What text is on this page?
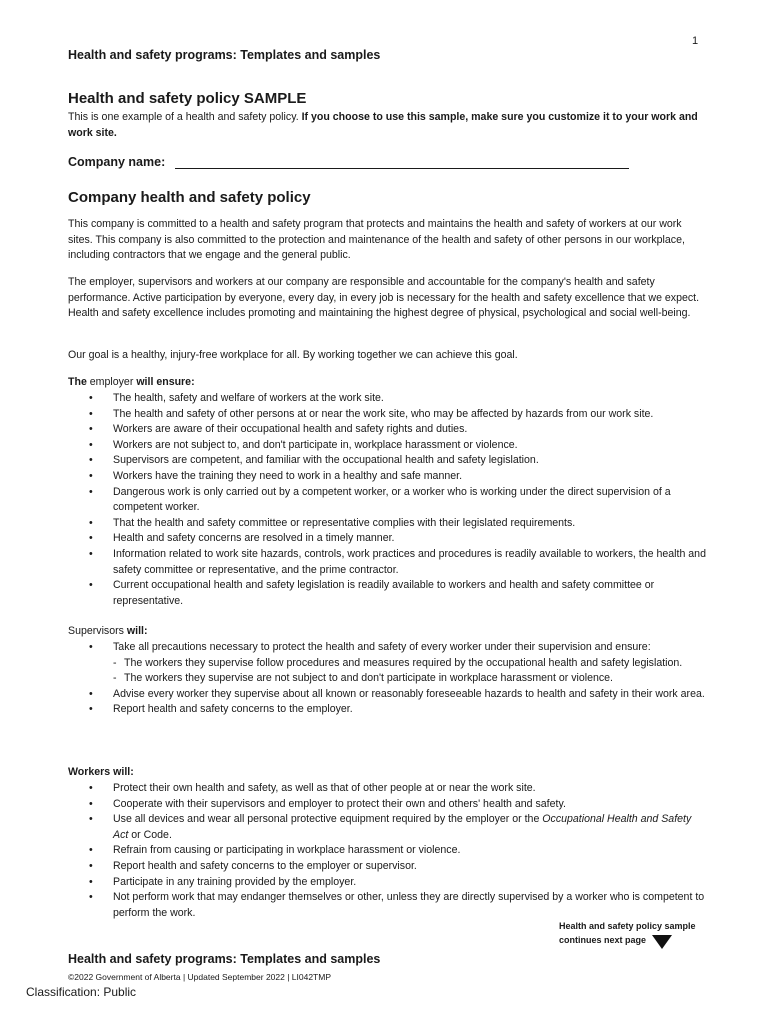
1
Health and safety programs: Templates and samples
Health and safety policy SAMPLE
This is one example of a health and safety policy. If you choose to use this sample, make sure you customize it to your work and work site.
Company name:
Company health and safety policy

This company is committed to a health and safety program that protects and maintains the health and safety of workers at our work sites. This company is also committed to the protection and maintenance of the health and safety of other persons in our workplace, including contractors that we engage and the general public.

The employer, supervisors and workers at our company are responsible and accountable for the company's health and safety performance. Active participation by everyone, every day, in every job is necessary for the health and safety excellence that we expect. Health and safety excellence includes promoting and maintaining the highest degree of physical, psychological and social well-being.

Our goal is a healthy, injury-free workplace for all. By working together we can achieve this goal.

The employer will ensure:
• The health, safety and welfare of workers at the work site.
• The health and safety of other persons at or near the work site, who may be affected by hazards from our work site.
• Workers are aware of their occupational health and safety rights and duties.
• Workers are not subject to, and don't participate in, workplace harassment or violence.
• Supervisors are competent, and familiar with the occupational health and safety legislation.
• Workers have the training they need to work in a healthy and safe manner.
• Dangerous work is only carried out by a competent worker, or a worker who is working under the direct supervision of a competent worker.
• That the health and safety committee or representative complies with their legislated requirements.
• Health and safety concerns are resolved in a timely manner.
• Information related to work site hazards, controls, work practices and procedures is readily available to workers, the health and safety committee or representative, and the prime contractor.
• Current occupational health and safety legislation is readily available to workers and health and safety committee or representative.
Supervisors will:
• Take all precautions necessary to protect the health and safety of every worker under their supervision and ensure:
- The workers they supervise follow procedures and measures required by the occupational health and safety legislation.
- The workers they supervise are not subject to and don't participate in workplace harassment or violence.
• Advise every worker they supervise about all known or reasonably foreseeable hazards to health and safety in their work area.
• Report health and safety concerns to the employer.
Workers will:
• Protect their own health and safety, as well as that of other people at or near the work site.
• Cooperate with their supervisors and employer to protect their own and others' health and safety.
• Use all devices and wear all personal protective equipment required by the employer or the Occupational Health and Safety Act or Code.
• Refrain from causing or participating in workplace harassment or violence.
• Report health and safety concerns to the employer or supervisor.
• Participate in any training provided by the employer.
• Not perform work that may endanger themselves or other, unless they are directly supervised by a worker who is competent to perform the work.
Health and safety policy sample
continues next page
Health and safety programs: Templates and samples
©2022 Government of Alberta | Updated September 2022 | LI042TMP
Classification: Public
